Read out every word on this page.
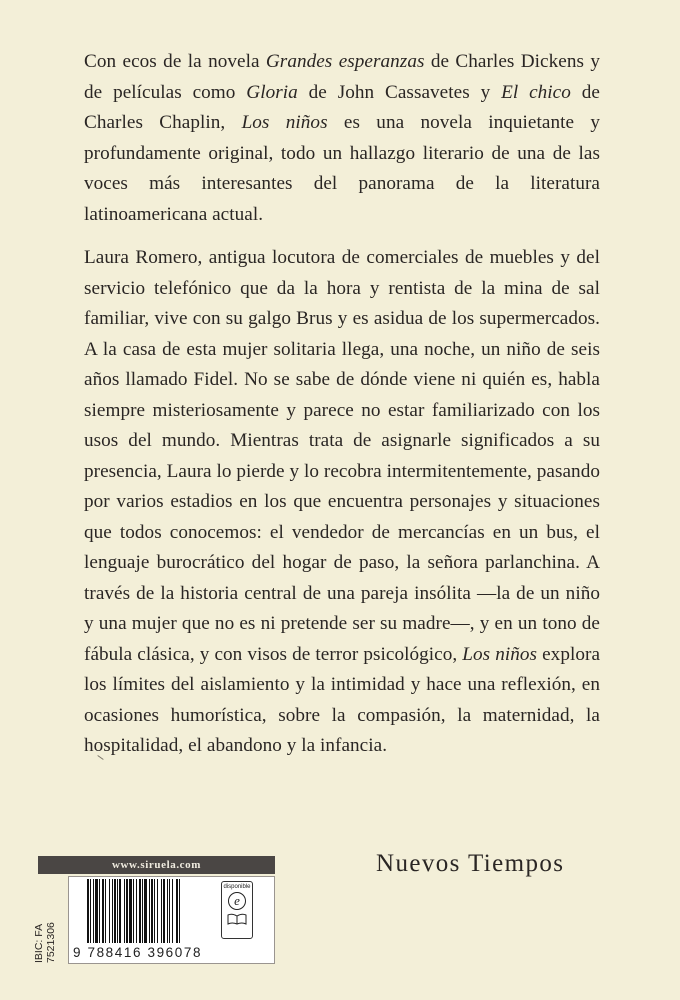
Con ecos de la novela Grandes esperanzas de Charles Dickens y de películas como Gloria de John Cassavetes y El chico de Charles Chaplin, Los niños es una novela inquietante y profundamente original, todo un hallazgo literario de una de las voces más interesantes del panorama de la literatura latinoamericana actual.
Laura Romero, antigua locutora de comerciales de muebles y del servicio telefónico que da la hora y rentista de la mina de sal familiar, vive con su galgo Brus y es asidua de los supermercados. A la casa de esta mujer solitaria llega, una noche, un niño de seis años llamado Fidel. No se sabe de dónde viene ni quién es, habla siempre misteriosamente y parece no estar familiarizado con los usos del mundo. Mientras trata de asignarle significados a su presencia, Laura lo pierde y lo recobra intermitentemente, pasando por varios estadios en los que encuentra personajes y situaciones que todos conocemos: el vendedor de mercancías en un bus, el lenguaje burocrático del hogar de paso, la señora parlanchina. A través de la historia central de una pareja insólita —la de un niño y una mujer que no es ni pretende ser su madre—, y en un tono de fábula clásica, y con visos de terror psicológico, Los niños explora los límites del aislamiento y la intimidad y hace una reflexión, en ocasiones humorística, sobre la compasión, la maternidad, la hospitalidad, el abandono y la infancia.
www.siruela.com
IBIC: FA 7521306 9 788416 396078
disponible
e
Nuevos Tiempos
